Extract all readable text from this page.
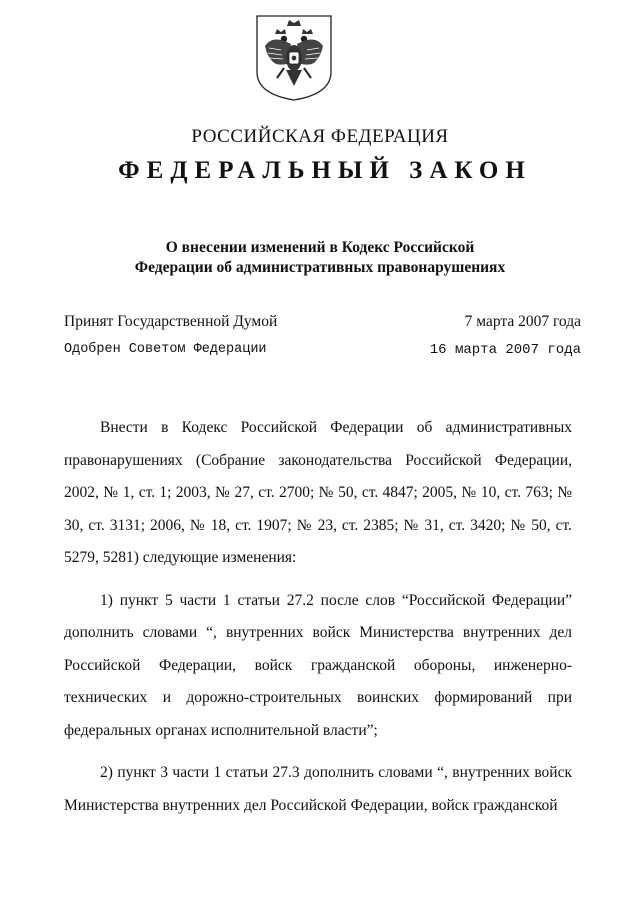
РОССИЙСКАЯ ФЕДЕРАЦИЯ
ФЕДЕРАЛЬНЫЙ ЗАКОН
О внесении изменений в Кодекс Российской
Федерации об административных правонарушениях
Принят Государственной Думой	7 марта 2007 года
Одобрен Советом Федерации	16 марта 2007 года

Внести в Кодекс Российской Федерации об административных правонарушениях (Собрание законодательства Российской Федерации, 2002, № 1, ст. 1; 2003, № 27, ст. 2700; № 50, ст. 4847; 2005, № 10, ст. 763; № 30, ст. 3131; 2006, № 18, ст. 1907; № 23, ст. 2385; № 31, ст. 3420; № 50, ст. 5279, 5281) следующие изменения:

1) пункт 5 части 1 статьи 27.2 после слов “Российской Федерации” дополнить словами “, внутренних войск Министерства внутренних дел Российской Федерации, войск гражданской обороны, инженерно-технических и дорожно-строительных воинских формирований при федеральных органах исполнительной власти”;

2) пункт 3 части 1 статьи 27.3 дополнить словами “, внутренних войск Министерства внутренних дел Российской Федерации, войск гражданской
